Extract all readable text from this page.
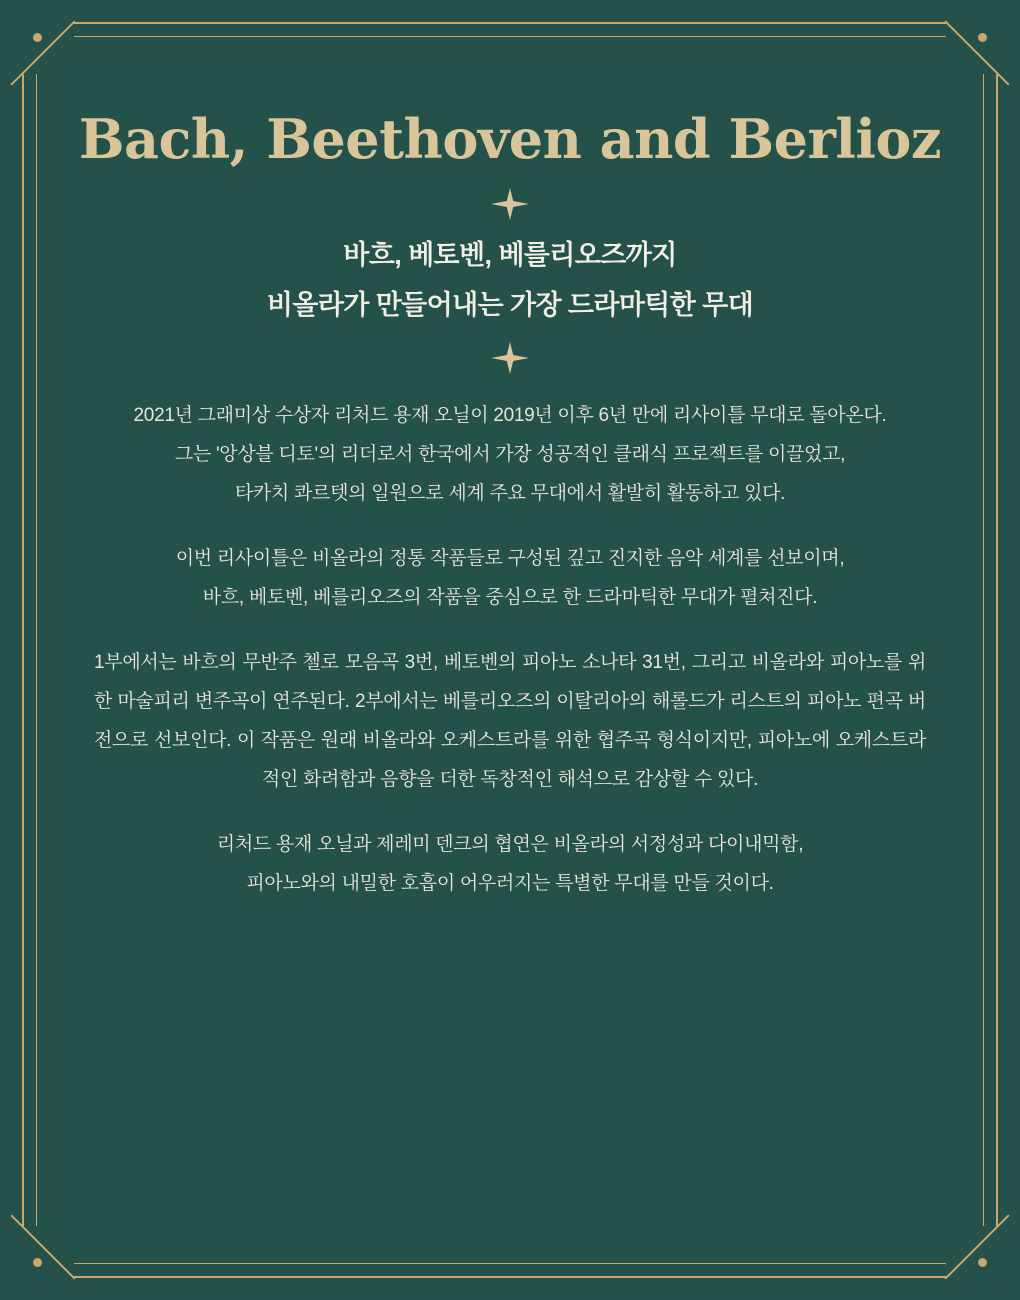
Bach, Beethoven and Berlioz

바흐, 베토벤, 베를리오즈까지

비올라가 만들어내는 가장 드라마틱한 무대

2021년 그래미상 수상자 리처드 용재 오닐이 2019년 이후 6년 만에 리사이틀 무대로 돌아온다.
그는 '앙상블 디토'의 리더로서 한국에서 가장 성공적인 클래식 프로젝트를 이끌었고,
타카치 콰르텟의 일원으로 세계 주요 무대에서 활발히 활동하고 있다.
이번 리사이틀은 비올라의 정통 작품들로 구성된 깊고 진지한 음악 세계를 선보이며,
바흐, 베토벤, 베를리오즈의 작품을 중심으로 한 드라마틱한 무대가 펼쳐진다.
1부에서는 바흐의 무반주 첼로 모음곡 3번, 베토벤의 피아노 소나타 31번, 그리고 비올라와 피아노를 위한 마술피리 변주곡이 연주된다. 2부에서는 베를리오즈의 이탈리아의 해롤드가 리스트의 피아노 편곡 버전으로 선보인다. 이 작품은 원래 비올라와 오케스트라를 위한 협주곡 형식이지만, 피아노에 오케스트라적인 화려함과 음향을 더한 독창적인 해석으로 감상할 수 있다.
리처드 용재 오닐과 제레미 덴크의 협연은 비올라의 서정성과 다이내믹함,
피아노와의 내밀한 호흡이 어우러지는 특별한 무대를 만들 것이다.
